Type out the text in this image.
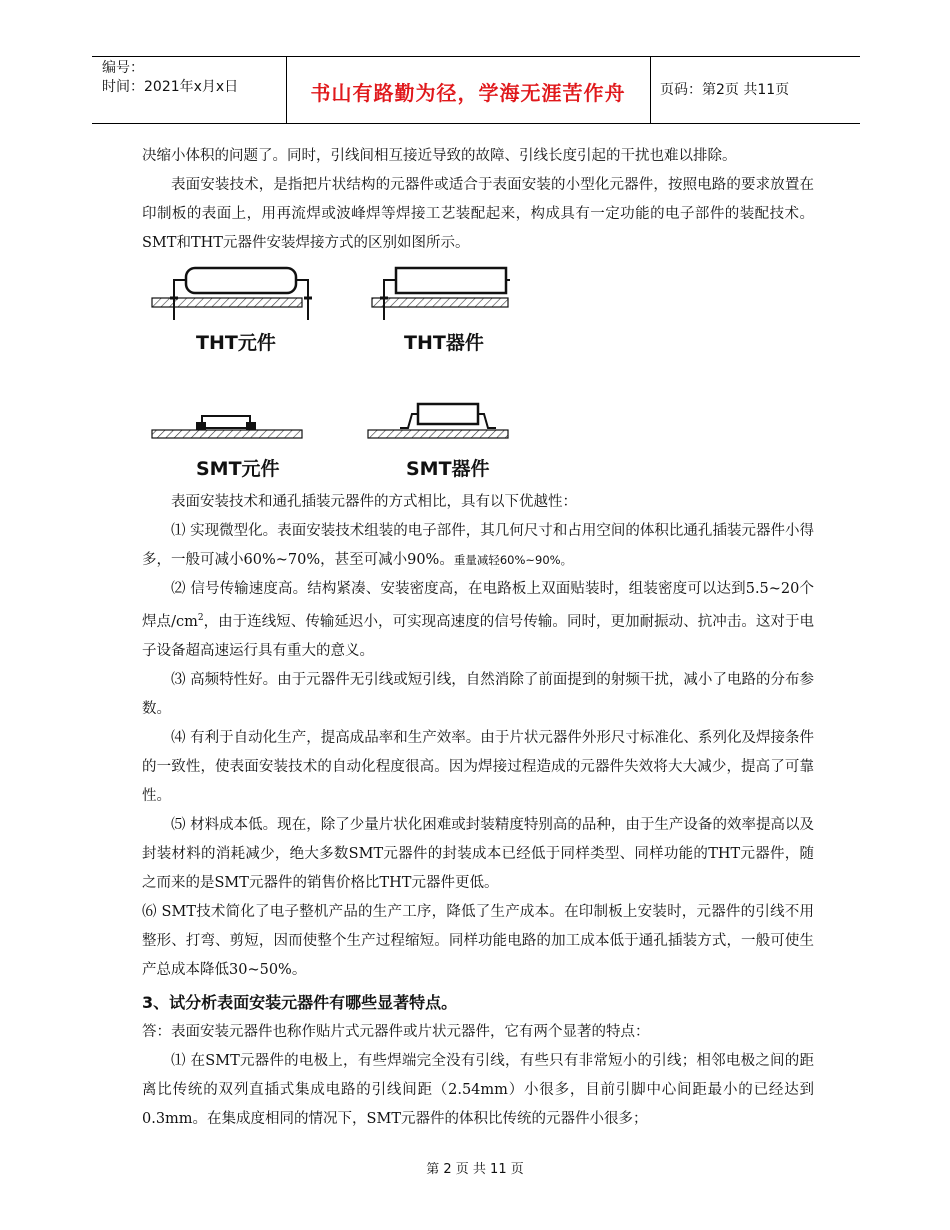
编号：
时间：2021年x月x日	书山有路勤为径，学海无涯苦作舟	页码：第2页 共11页
THT元件	THT器件
SMT元件	SMT器件

决缩小体积的问题了。同时，引线间相互接近导致的故障、引线长度引起的干扰也难以排除。

表面安装技术，是指把片状结构的元器件或适合于表面安装的小型化元器件，按照电路的要求放置在印制板的表面上，用再流焊或波峰焊等焊接工艺装配起来，构成具有一定功能的电子部件的装配技术。SMT和THT元器件安装焊接方式的区别如图所示。

表面安装技术和通孔插装元器件的方式相比，具有以下优越性：

⑴ 实现微型化。表面安装技术组装的电子部件，其几何尺寸和占用空间的体积比通孔插装元器件小得多，一般可减小60%~70%，甚至可减小90%。重量减轻60%~90%。

⑵ 信号传输速度高。结构紧凑、安装密度高，在电路板上双面贴装时，组装密度可以达到5.5~20个焊点$/cm^2$，由于连线短、传输延迟小，可实现高速度的信号传输。同时，更加耐振动、抗冲击。这对于电子设备超高速运行具有重大的意义。

⑶ 高频特性好。由于元器件无引线或短引线，自然消除了前面提到的射频干扰，减小了电路的分布参数。

⑷ 有利于自动化生产，提高成品率和生产效率。由于片状元器件外形尺寸标准化、系列化及焊接条件的一致性，使表面安装技术的自动化程度很高。因为焊接过程造成的元器件失效将大大减少，提高了可靠性。

⑸ 材料成本低。现在，除了少量片状化困难或封装精度特别高的品种，由于生产设备的效率提高以及封装材料的消耗减少，绝大多数SMT元器件的封装成本已经低于同样类型、同样功能的THT元器件，随之而来的是SMT元器件的销售价格比THT元器件更低。

⑹ SMT技术简化了电子整机产品的生产工序，降低了生产成本。在印制板上安装时，元器件的引线不用整形、打弯、剪短，因而使整个生产过程缩短。同样功能电路的加工成本低于通孔插装方式，一般可使生产总成本降低30~50%。

3、试分析表面安装元器件有哪些显著特点。

答：表面安装元器件也称作贴片式元器件或片状元器件，它有两个显著的特点：

⑴ 在SMT元器件的电极上，有些焊端完全没有引线，有些只有非常短小的引线；相邻电极之间的距离比传统的双列直插式集成电路的引线间距（2.54mm）小很多，目前引脚中心间距最小的已经达到0.3mm。在集成度相同的情况下，SMT元器件的体积比传统的元器件小很多；

第 2 页 共 11 页
